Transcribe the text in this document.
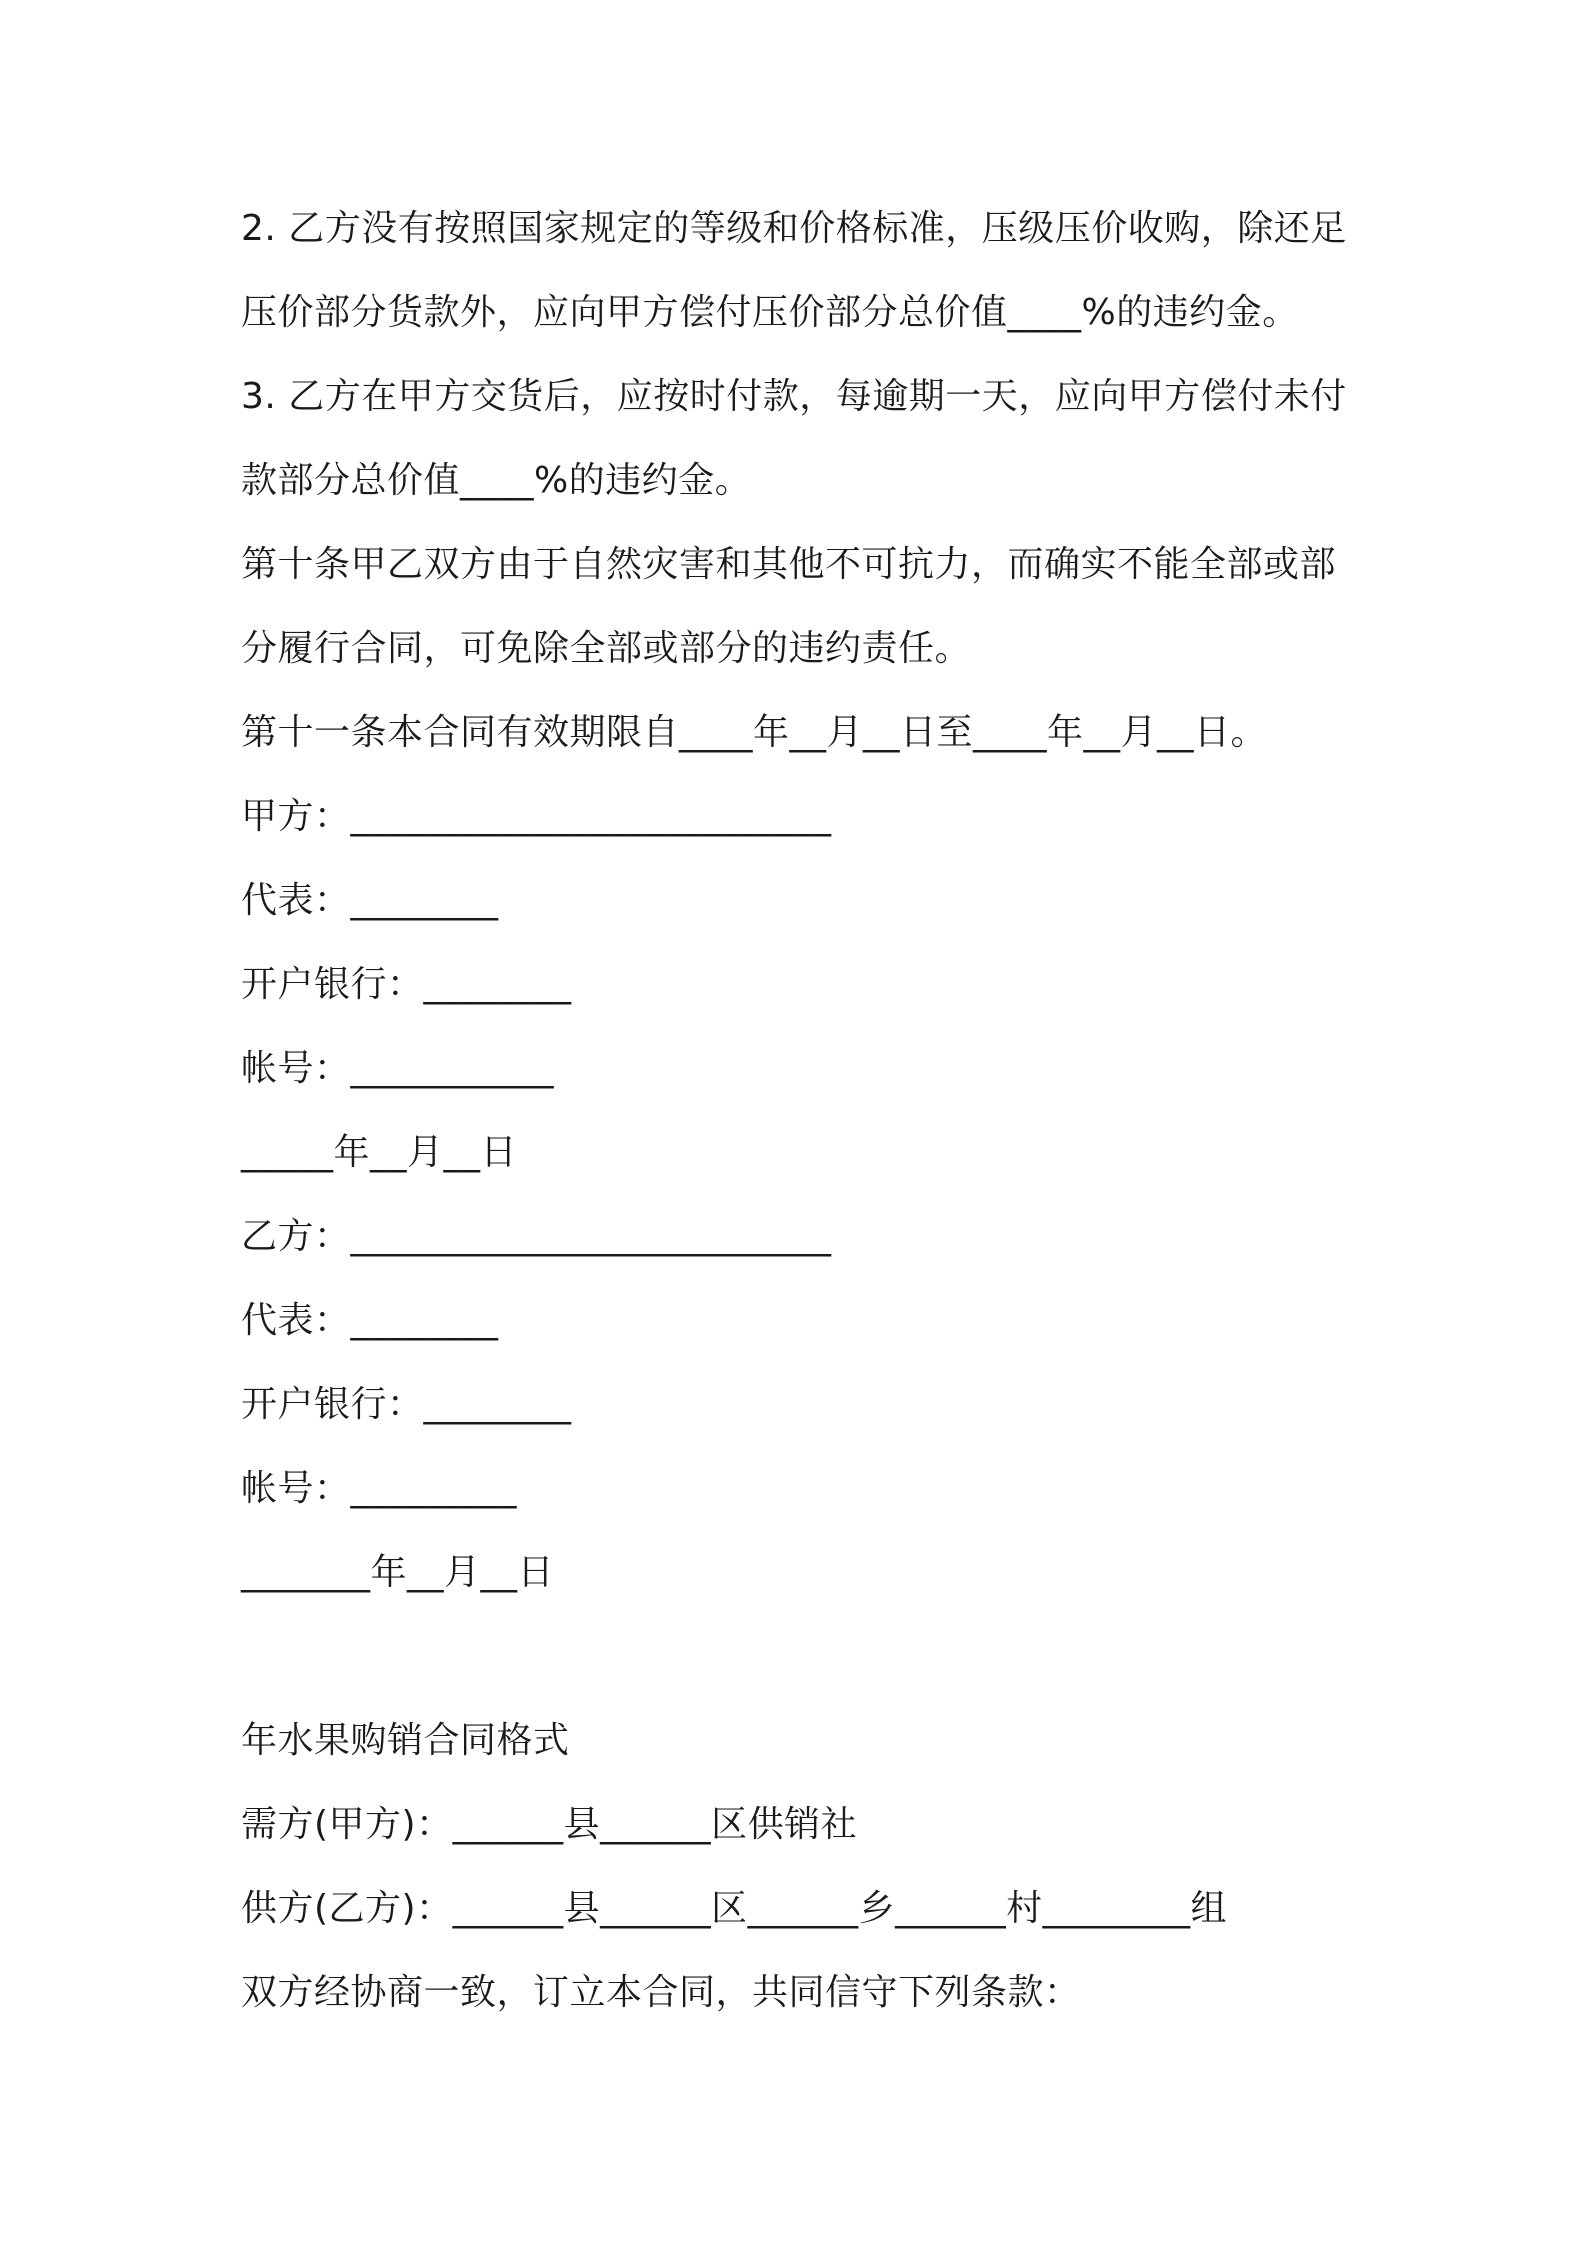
2. 乙方没有按照国家规定的等级和价格标准，压级压价收购，除还足
压价部分货款外，应向甲方偿付压价部分总价值____%的违约金。
3. 乙方在甲方交货后，应按时付款，每逾期一天，应向甲方偿付未付
款部分总价值____%的违约金。
第十条甲乙双方由于自然灾害和其他不可抗力，而确实不能全部或部
分履行合同，可免除全部或部分的违约责任。
第十一条本合同有效期限自____年__月__日至____年__月__日。
甲方：__________________________
代表：________
开户银行：________
帐号：___________
_____年__月__日
乙方：__________________________
代表：________
开户银行：________
帐号：_________
_______年__月__日
年水果购销合同格式
需方(甲方)：______县______区供销社
供方(乙方)：______县______区______乡______村________组
双方经协商一致，订立本合同，共同信守下列条款：
